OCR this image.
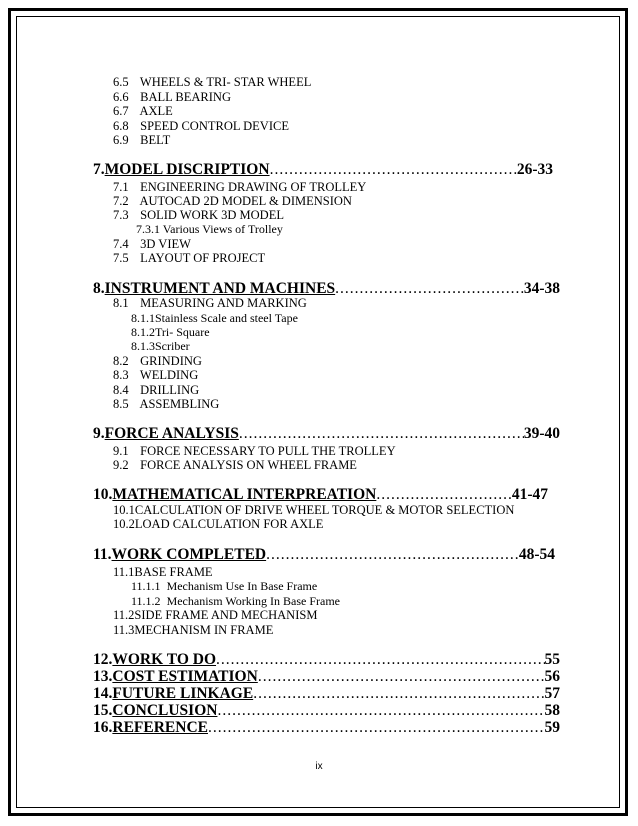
6.5 WHEELS & TRI- STAR WHEEL
6.6 BALL BEARING
6.7 AXLE
6.8 SPEED CONTROL DEVICE
6.9 BELT
7. MODEL DISCRIPTION .....	26-33
7.1 ENGINEERING DRAWING OF TROLLEY
7.2 AUTOCAD 2D MODEL & DIMENSION
7.3 SOLID WORK 3D MODEL
7.3.1 Various Views of Trolley
7.4 3D VIEW
7.5 LAYOUT OF PROJECT
8. INSTRUMENT AND MACHINES .....	34-38
8.1 MEASURING AND MARKING
8.1.1Stainless Scale and steel Tape
8.1.2Tri- Square
8.1.3Scriber
8.2 GRINDING
8.3 WELDING
8.4 DRILLING
8.5 ASSEMBLING
9. FORCE ANALYSIS .....	39-40
9.1 FORCE NECESSARY TO PULL THE TROLLEY
9.2 FORCE ANALYSIS ON WHEEL FRAME
10. MATHEMATICAL INTERPREATION .....	41-47
10.1CALCULATION OF DRIVE WHEEL TORQUE & MOTOR SELECTION
10.2LOAD CALCULATION FOR AXLE
11. WORK COMPLETED .....	48-54
11.1BASE FRAME
11.1.1 Mechanism Use In Base Frame
11.1.2 Mechanism Working In Base Frame
11.2SIDE FRAME AND MECHANISM
11.3MECHANISM IN FRAME
12. WORK TO DO .....	55
13. COST ESTIMATION .....	56
14. FUTURE LINKAGE .....	57
15. CONCLUSION .....	58
16. REFERENCE .....	59
ix
